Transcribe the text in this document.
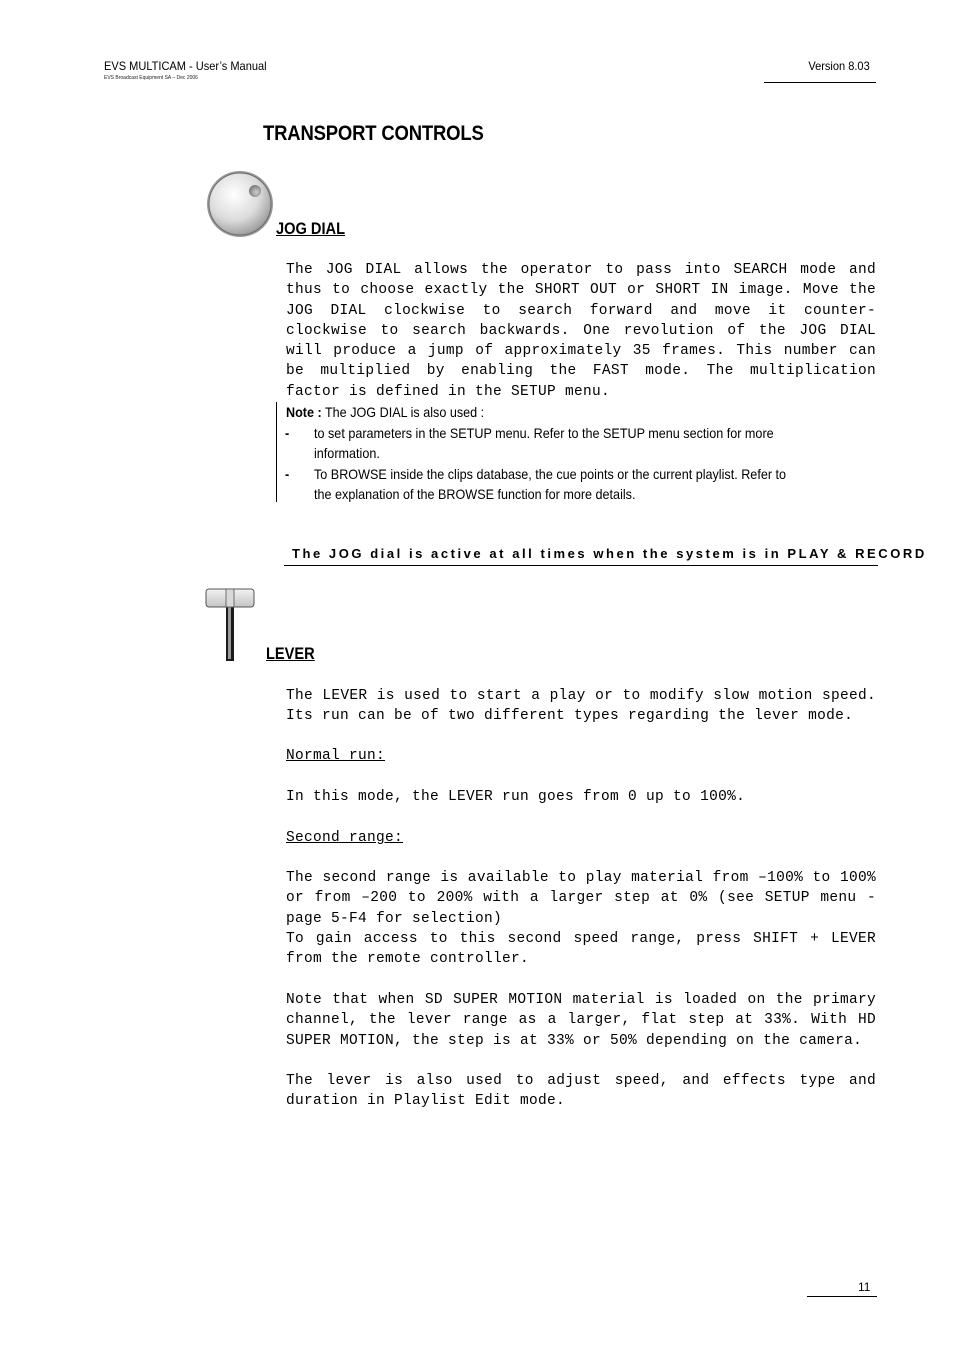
EVS MULTICAM - User’s Manual
EVS Broadcast Equipment SA – Dec 2006
Version 8.03
TRANSPORT CONTROLS
JOG DIAL

The JOG DIAL allows the operator to pass into SEARCH mode and thus to choose exactly the SHORT OUT or SHORT IN image. Move the JOG DIAL clockwise to search forward and move it counter-clockwise to search backwards. One revolution of the JOG DIAL will produce a jump of approximately 35 frames. This number can be multiplied by enabling the FAST mode. The multiplication factor is defined in the SETUP menu.

Note : The JOG DIAL is also used :
- to set parameters in the SETUP menu. Refer to the SETUP menu section for more
information.
- To BROWSE inside the clips database, the cue points or the current playlist. Refer to
the explanation of the BROWSE function for more details.
The JOG dial is active at all times when the system is in PLAY & RECORD
LEVER

The LEVER is used to start a play or to modify slow motion speed. Its run can be of two different types regarding the lever mode.

Normal run:
In this mode, the LEVER run goes from 0 up to 100%.
Second range:

The second range is available to play material from –100% to 100% or from –200 to 200% with a larger step at 0% (see SETUP menu - page 5-F4 for selection)

To gain access to this second speed range, press SHIFT + LEVER from the remote controller.

Note that when SD SUPER MOTION material is loaded on the primary channel, the lever range as a larger, flat step at 33%. With HD SUPER MOTION, the step is at 33% or 50% depending on the camera.

The lever is also used to adjust speed, and effects type and duration in Playlist Edit mode.

11
